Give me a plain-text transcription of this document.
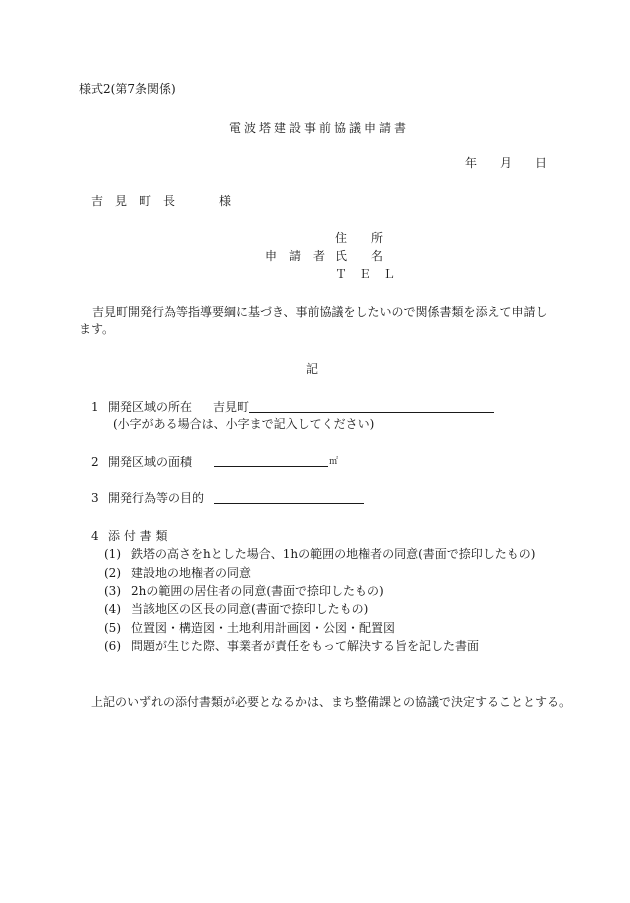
様式2(第7条関係)
電波塔建設事前協議申請書
年 月 日
吉　見　町　長	様
住　　所
申　請　者 氏　　名
Ｔ　Ｅ　Ｌ
吉見町開発行為等指導要綱に基づき、事前協議をしたいので関係書類を添えて申請します。
記
1 開発区域の所在 吉見町
(小字がある場合は、小字まで記入してください)
2 開発区域の面積	㎡
3 開発行為等の目的
4 添 付 書 類
(1) 鉄塔の高さをhとした場合、1hの範囲の地権者の同意(書面で捺印したもの)
(2) 建設地の地権者の同意
(3) 2hの範囲の居住者の同意(書面で捺印したもの)
(4) 当該地区の区長の同意(書面で捺印したもの)
(5) 位置図・構造図・土地利用計画図・公図・配置図
(6) 問題が生じた際、事業者が責任をもって解決する旨を記した書面
上記のいずれの添付書類が必要となるかは、まち整備課との協議で決定することとする。
